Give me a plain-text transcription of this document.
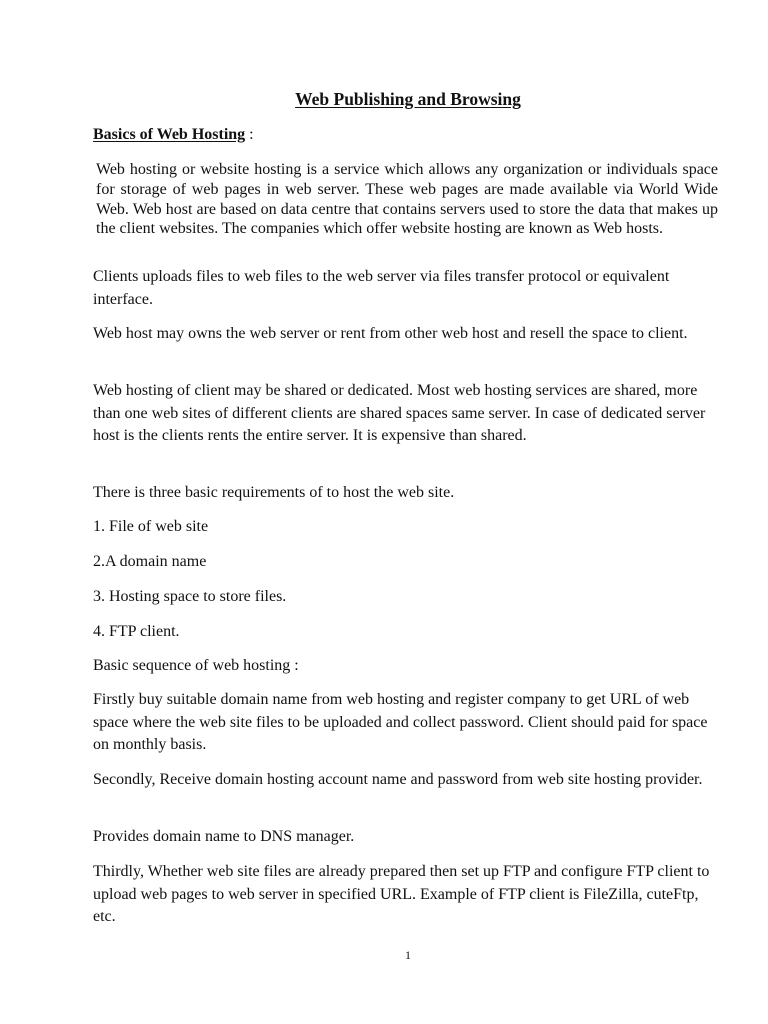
Web Publishing and Browsing
Basics of Web Hosting :
Web hosting or website hosting is a service which allows any organization or individuals space for storage of web pages in web server. These web pages are made available via World Wide Web. Web host are based on data centre that contains servers used to store the data that makes up the client websites. The companies which offer website hosting are known as Web hosts.

Clients uploads files to web files to the web server via files transfer protocol or equivalent interface.

Web host may owns the web server or rent from other web host and resell the space to client.

Web hosting of client may be shared or dedicated. Most web hosting services are shared, more than one web sites of different clients are shared spaces same server. In case of dedicated server host is the clients rents the entire server. It is expensive than shared.

There is three basic requirements of to host the web site.

1. File of web site

2.A domain name

3. Hosting space to store files.

4. FTP client.

Basic sequence of web hosting :

Firstly buy suitable domain name from web hosting and register company to get URL of web space where the web site files to be uploaded and collect password. Client should paid for space on monthly basis.

Secondly, Receive domain hosting account name and password from web site hosting provider.

Provides domain name to DNS manager.

Thirdly, Whether web site files are already prepared then set up FTP and configure FTP client to upload web pages to web server in specified URL. Example of FTP client is FileZilla, cuteFtp, etc.

1
